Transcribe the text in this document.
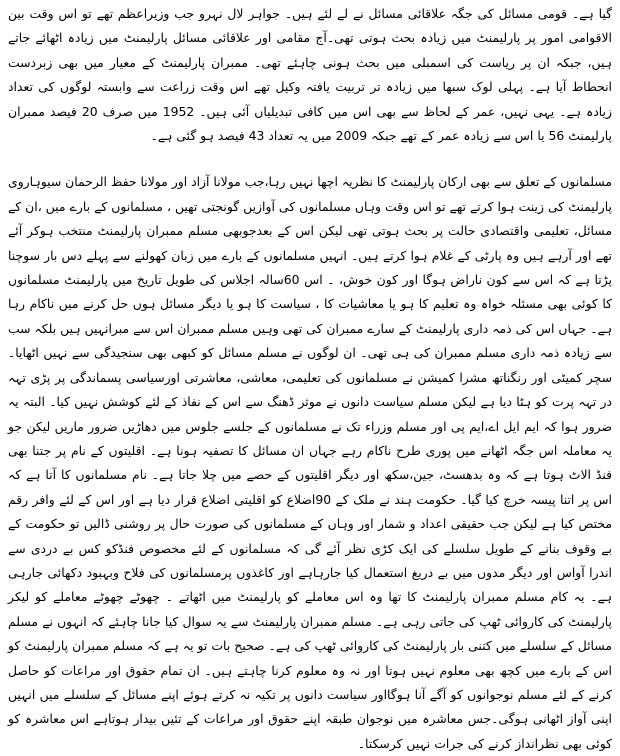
گیا ہے۔ قومی مسائل کی جگہ علاقائی مسائل نے لے لئے ہیں۔ جواہر لال نہرو جب وزیراعظم تھے تو اس وقت بین الاقوامی امور پر پارلیمنٹ میں زیادہ بحث ہوتی تھی۔آج مقامی اور علاقائی مسائل پارلیمنٹ میں زیادہ اٹھائے جاتے ہیں، جبکہ ان پر ریاست کی اسمبلی میں بحث ہونی چاہئے تھی۔ ممبران پارلیمنٹ کے معیار میں بھی زبردست انحطاط آیا ہے۔ پہلی لوک سبھا میں زیادہ تر تربیت یافتہ وکیل تھے اس وقت زراعت سے وابستہ لوگوں کی تعداد زیادہ ہے۔ یہی نہیں، عمر کے لحاظ سے بھی اس میں کافی تبدیلیاں آئی ہیں۔ 1952 میں صرف 20 فیصد ممبران پارلیمنٹ 56 یا اس سے زیادہ عمر کے تھے جبکہ 2009 میں یہ تعداد 43 فیصد ہو گئی ہے۔

مسلمانوں کے تعلق سے بھی ارکان پارلیمنٹ کا نظریہ اچھا نہیں رہا،جب مولانا آزاد اور مولانا حفظ الرحمان سیوہاروی پارلیمنٹ کی زینت ہوا کرتے تھے تو اس وقت وہاں مسلمانوں کی آوازیں گونجتی تھیں ، مسلمانوں کے بارے میں ،ان کے مسائل، تعلیمی واقتصادی حالت پر بحث ہوتی تھی لیکن اس کے بعدجوبھی مسلم ممبران پارلیمنٹ منتخب ہوکر آئے تھے اور آرہے ہیں وہ پارٹی کے غلام ہوا کرتے ہیں۔ انہیں مسلمانوں کے بارے میں زبان کھولنے سے پہلے دس بار سوچنا پڑتا ہے کہ اس سے کون ناراض ہوگا اور کون خوش، ۔ اس 60سالہ اجلاس کی طویل تاریخ میں پارلیمنٹ مسلمانوں کا کوئی بھی مسئلہ خواہ وہ تعلیم کا ہو یا معاشیات کا ، سیاست کا ہو یا دیگر مسائل ہوں حل کرنے میں ناکام رہا ہے۔ جہاں اس کی ذمہ داری پارلیمنٹ کے سارے ممبران کی تھی وہیں مسلم ممبران اس سے مبرانہیں ہیں بلکہ سب سے زیادہ ذمہ داری مسلم ممبران کی ہی تھی۔ ان لوگوں نے مسلم مسائل کو کبھی بھی سنجیدگی سے نہیں اٹھایا۔ سچر کمیٹی اور رنگناتھ مشرا کمیشن نے مسلمانوں کی تعلیمی، معاشی، معاشرتی اورسیاسی پسماندگی پر پڑی تہہ در تہہ پرت کو ہٹا دیا ہے لیکن مسلم سیاست دانوں نے موثر ڈھنگ سے اس کے نفاذ کے لئے کوشش نہیں کیا۔ البتہ یہ ضرور ہوا کہ ایم ایل اے،ایم پی اور مسلم وزراء تک نے مسلمانوں کے جلسے جلوس میں دھاڑیں ضرور ماریں لیکن جو یہ معاملہ اس جگہ اٹھانے میں پوری طرح ناکام رہے جہاں ان مسائل کا تصفیہ ہونا ہے۔ اقلیتوں کے نام پر جتنا بھی فنڈ الاٹ ہوتا ہے کہ وہ بدھسٹ، جین،سکھ اور دیگر اقلیتوں کے حصے میں چلا جاتا ہے۔ نام مسلمانوں کا آتا ہے کہ اس پر اتنا پیسہ خرچ کیا گیا۔ حکومت ہند نے ملک کے 90اضلاع کو اقلیتی اضلاع قرار دیا ہے اور اس کے لئے وافر رقم مختص کیا ہے لیکن جب حقیقی اعداد و شمار اور وہاں کے مسلمانوں کی صورت حال پر روشنی ڈالیں تو حکومت کے بے وقوف بنانے کے طویل سلسلے کی ایک کڑی نظر آئے گی کہ مسلمانوں کے لئے مخصوص فنڈکو کس بے دردی سے اندرا آواس اور دیگر مدوں میں بے دریغ استعمال کیا جارہاہے اور کاغذوں پرمسلمانوں کی فلاح وبہبود دکھائی جارہی ہے۔ یہ کام مسلم ممبران پارلیمنٹ کا تھا وہ اس معاملے کو پارلیمنٹ میں اٹھاتے ۔ چھوٹے چھوٹے معاملے کو لیکر پارلیمنٹ کی کاروائی ٹھپ کی جاتی رہی ہے۔ مسلم ممبران پارلیمنٹ سے یہ سوال کیا جانا چاہئے کہ انہوں نے مسلم مسائل کے سلسلے میں کتنی بار پارلیمنٹ کی کاروائی ٹھپ کی ہے۔ صحیح بات تو یہ ہے کہ مسلم ممبران پارلیمنٹ کو اس کے بارے میں کچھ بھی معلوم نہیں ہوتا اور نہ وہ معلوم کرنا چاہتے ہیں۔ ان تمام حقوق اور مراعات کو حاصل کرنے کے لئے مسلم نوجوانوں کو آگے آنا ہوگااور سیاست دانوں پر تکیہ نہ کرتے ہوئے اپنے مسائل کے سلسلے میں انہیں اپنی آواز اٹھانی ہوگی۔جس معاشرہ میں نوجوان طبقہ اپنے حقوق اور مراعات کے تئیں بیدار ہوتاہے اس معاشرہ کو کوئی بھی نظرانداز کرنے کی جرات نہیں کرسکتا۔
